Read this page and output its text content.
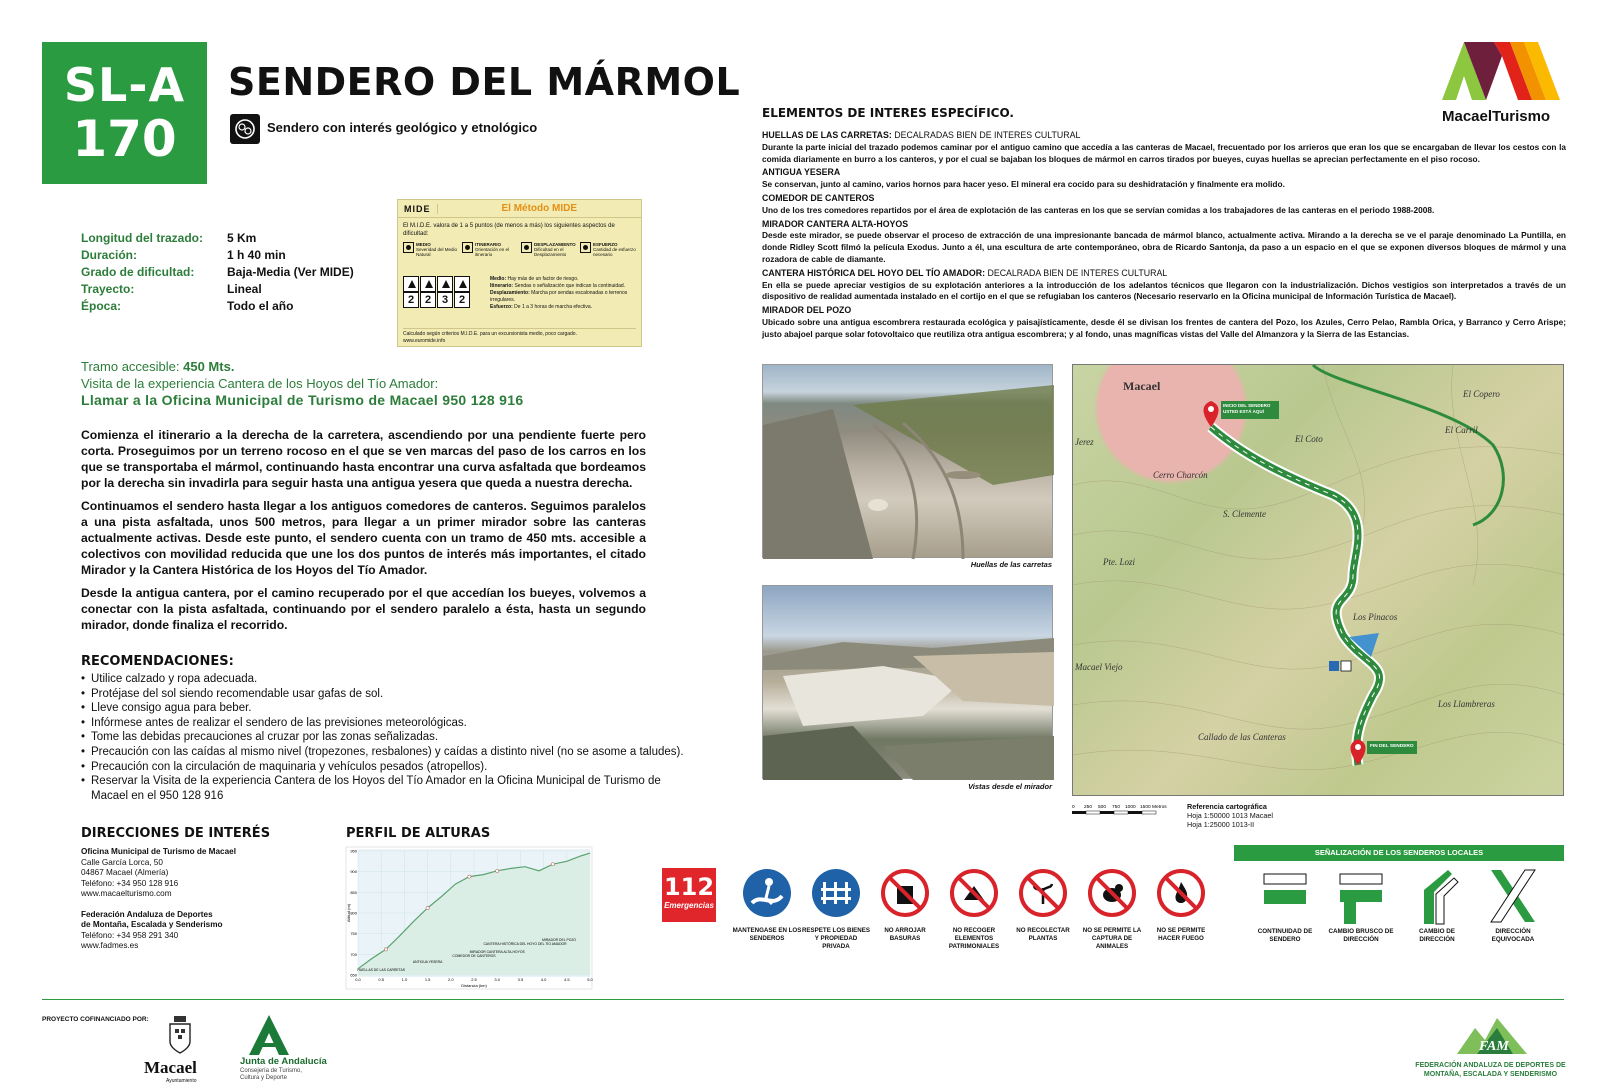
SL-A
170
SENDERO DEL MÁRMOL
Sendero con interés geológico y etnológico
MacaelTurismo
Longitud del trazado:	5 Km
Duración:	1 h 40 min
Grado de dificultad:	Baja-Media (Ver MIDE)
Trayecto:	Lineal
Época:	Todo el año
MIDE	El Método MIDE
El M.I.D.E. valora de 1 a 5 puntos (de menos a más) los siguientes aspectos de dificultad:
MEDIO
Severidad del Medio Natural
ITINERARIO
Orientación en el itinerario
DESPLAZAMIENTO
Dificultad en el Desplazamiento
ESFUERZO
Cantidad de esfuerzo necesario
2 2 3 2
Medio: Hay más de un factor de riesgo.
Itinerario: Sendas o señalización que indican la continuidad.
Desplazamiento: Marcha por sendas escalonadas o terrenos irregulares.
Esfuerzo: De 1 a 3 horas de marcha efectiva.
Calculado según criterios M.I.D.E. para un excursionista medio, poco cargado.
www.euromide.info
Tramo accesible: 450 Mts.
Visita de la experiencia Cantera de los Hoyos del Tío Amador:
Llamar a la Oficina Municipal de Turismo de Macael 950 128 916

Comienza el itinerario a la derecha de la carretera, ascendiendo por una pendiente fuerte pero corta. Proseguimos por un terreno rocoso en el que se ven marcas del paso de los carros en los que se transportaba el mármol, continuando hasta encontrar una curva asfaltada que bordeamos por la derecha sin invadirla para seguir hasta una antigua yesera que queda a nuestra derecha.

Continuamos el sendero hasta llegar a los antiguos comedores de canteros. Seguimos paralelos a una pista asfaltada, unos 500 metros, para llegar a un primer mirador sobre las canteras actualmente activas. Desde este punto, el sendero cuenta con un tramo de 450 mts. accesible a colectivos con movilidad reducida que une los dos puntos de interés más importantes, el citado Mirador y la Cantera Histórica de los Hoyos del Tío Amador.

Desde la antigua cantera, por el camino recuperado por el que accedían los bueyes, volvemos a conectar con la pista asfaltada, continuando por el sendero paralelo a ésta, hasta un segundo mirador, donde finaliza el recorrido.

RECOMENDACIONES:
• Utilice calzado y ropa adecuada.
• Protéjase del sol siendo recomendable usar gafas de sol.
• Lleve consigo agua para beber.
• Infórmese antes de realizar el sendero de las previsiones meteorológicas.
• Tome las debidas precauciones al cruzar por las zonas señalizadas.
• Precaución con las caídas al mismo nivel (tropezones, resbalones) y caídas a distinto nivel (no se asome a taludes).
• Precaución con la circulación de maquinaria y vehículos pesados (atropellos).
• Reservar la Visita de la experiencia Cantera de los Hoyos del Tío Amador en la Oficina Municipal de Turismo de Macael en el 950 128 916
DIRECCIONES DE INTERÉS
Oficina Municipal de Turismo de Macael
Calle García Lorca, 50
04867 Macael (Almería)
Teléfono: +34 950 128 916
www.macaelturismo.com
Federación Andaluza de Deportes
de Montaña, Escalada y Senderismo
Teléfono: +34 958 291 340
www.fadmes.es
PERFIL DE ALTURAS
HUELLAS DE LAS CARRETAS
ANTIGUA YESERA
COMEDOR DE CANTEROS
MIRADOR CANTERA ALTA-HOYOS
CANTERA HISTÓRICA DEL HOYO DEL TÍO AMADOR
MIRADOR DEL POZO
0.0	0.5	1.0	1.5	2.0	2.5	3.0	3.5	4.0	4.5	5.0
650
700
750
800
850
900
950
Distancia (km)
Altitud (m)
ELEMENTOS DE INTERES ESPECÍFICO.
HUELLAS DE LAS CARRETAS: DECALRADAS BIEN DE INTERES CULTURAL
Durante la parte inicial del trazado podemos caminar por el antiguo camino que accedía a las canteras de Macael, frecuentado por los arrieros que eran los que se encargaban de llevar los cestos con la comida diariamente en burro a los canteros, y por el cual se bajaban los bloques de mármol en carros tirados por bueyes, cuyas huellas se aprecian perfectamente en el piso rocoso.
ANTIGUA YESERA
Se conservan, junto al camino, varios hornos para hacer yeso. El mineral era cocido para su deshidratación y finalmente era molido.
COMEDOR DE CANTEROS
Uno de los tres comedores repartidos por el área de explotación de las canteras en los que se servían comidas a los trabajadores de las canteras en el periodo 1988-2008.
MIRADOR CANTERA ALTA-HOYOS
Desde este mirador, se puede observar el proceso de extracción de una impresionante bancada de mármol blanco, actualmente activa. Mirando a la derecha se ve el paraje denominado La Puntilla, en donde Ridley Scott filmó la película Exodus. Junto a él, una escultura de arte contemporáneo, obra de Ricardo Santonja, da paso a un espacio en el que se exponen diversos bloques de mármol y una rozadora de cable de diamante.
CANTERA HISTÓRICA DEL HOYO DEL TÍO AMADOR: DECALRADA BIEN DE INTERES CULTURAL
En ella se puede apreciar vestigios de su explotación anteriores a la introducción de los adelantos técnicos que llegaron con la industrialización. Dichos vestigios son interpretados a través de un dispositivo de realidad aumentada instalado en el cortijo en el que se refugiaban los canteros (Necesario reservarlo en la Oficina municipal de Información Turística de Macael).
MIRADOR DEL POZO
Ubicado sobre una antigua escombrera restaurada ecológica y paisajísticamente, desde él se divisan los frentes de cantera del Pozo, los Azules, Cerro Pelao, Rambla Orica, y Barranco y Cerro Arispe; justo abajoel parque solar fotovoltaico que reutiliza otra antigua escombrera; y al fondo, unas magníficas vistas del Valle del Almanzora y la Sierra de las Estancias.
Huellas de las carretas
Vistas desde el mirador
Macael
El Coto
Cerro Charcón
S. Clemente
Los Pinacos
El Copero
El Carril
Callado de las Canteras
Los Llambreras
Macael Viejo
Pte. Lozi
Jerez
INICIO DEL SENDERO USTED ESTÁ AQUÍ
FIN DEL SENDERO
0 250 500 750 1000 1500 Metros	Referencia cartográfica
Hoja 1:50000 1013 Macael
Hoja 1:25000 1013-II
112
Emergencias
MANTENGASE EN LOS SENDEROS
RESPETE LOS BIENES Y PROPIEDAD PRIVADA
NO ARROJAR BASURAS
NO RECOGER ELEMENTOS PATRIMONIALES
NO RECOLECTAR PLANTAS
NO SE PERMITE LA CAPTURA DE ANIMALES
NO SE PERMITE HACER FUEGO
SEÑALIZACIÓN DE LOS SENDEROS LOCALES
CONTINUIDAD DE SENDERO
CAMBIO BRUSCO DE DIRECCIÓN
CAMBIO DE DIRECCIÓN
DIRECCIÓN EQUIVOCADA
PROYECTO COFINANCIADO POR:
Macael
Ayuntamiento
Junta de Andalucía
Consejería de Turismo,
Cultura y Deporte
FAM
FEDERACIÓN ANDALUZA DE DEPORTES DE
MONTAÑA, ESCALADA Y SENDERISMO
